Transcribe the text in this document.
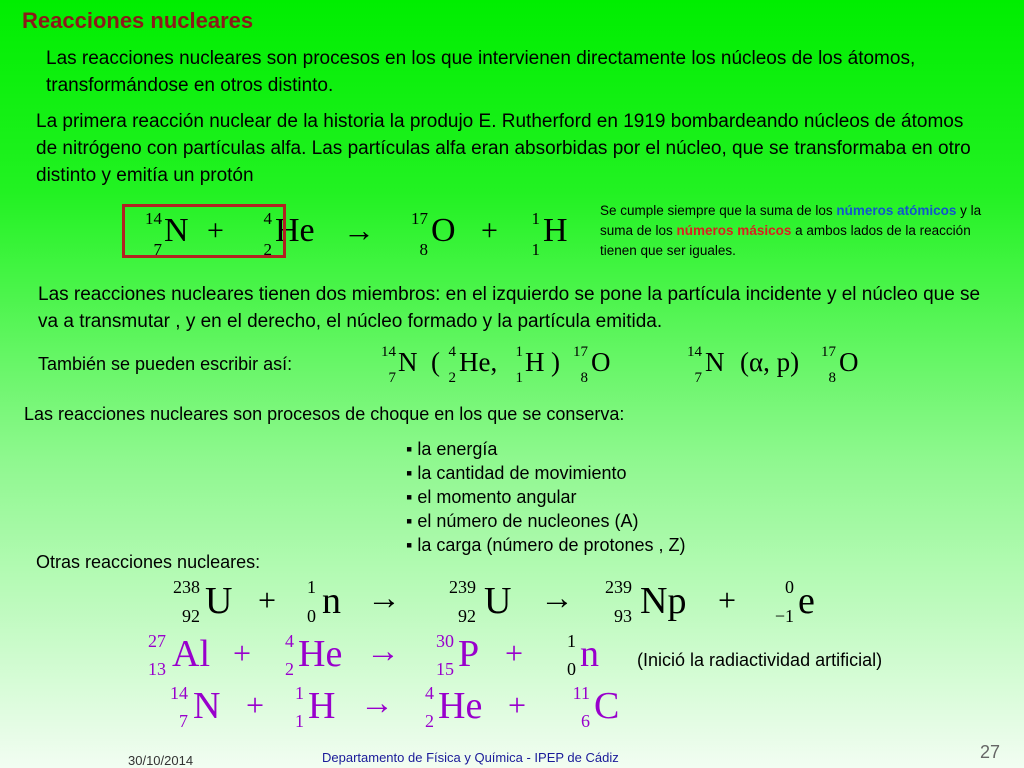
Reacciones nucleares
Las reacciones nucleares son procesos en los que intervienen directamente los núcleos de los átomos, transformándose en otros distinto.
La primera reacción nuclear de la historia la produjo E. Rutherford en 1919 bombardeando núcleos de átomos de nitrógeno con partículas alfa. Las partículas alfa eran absorbidas por el núcleo, que se transformaba en otro distinto y emitía un protón
14
7
N +	4
2
He →	17
8
O +	1
1
H
Se cumple siempre que la suma de los números atómicos y la suma de los números másicos a ambos lados de la reacción tienen que ser iguales.
Las reacciones nucleares tienen dos miembros: en el izquierdo se pone la partícula incidente y el núcleo que se va a transmutar , y en el derecho, el núcleo formado y la partícula emitida.
También se pueden escribir así:
14
7
N ( 4
2
He,	1
1
H ) 17
8
O	14
7
N (α, p)	17
8
O
Las reacciones nucleares son procesos de choque en los que se conserva:
▪ la energía
▪ la cantidad de movimiento
▪ el momento angular
▪ el número de nucleones (A)
▪ la carga (número de protones , Z)
Otras reacciones nucleares:
238
92 U +	1
0 n →	239
92 U →	239
93 Np +	0
−1 e
27
13 Al +	4
2 He →	30
15 P +	1
0 n (Inició la radiactividad artificial)
14
7 N +	1
1 H →	4
2 He +	11
6 C
30/10/2014	Departamento de Física y Química - IPEP de Cádiz	27
